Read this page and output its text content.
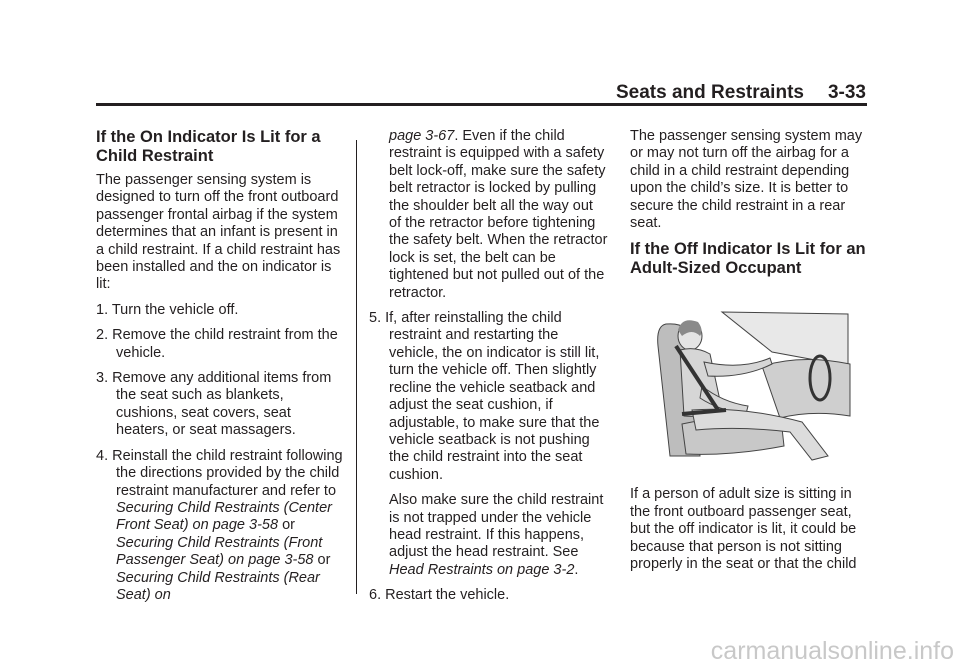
Seats and Restraints 3-33
If the On Indicator Is Lit for a Child Restraint

The passenger sensing system is designed to turn off the front outboard passenger frontal airbag if the system determines that an infant is present in a child restraint. If a child restraint has been installed and the on indicator is lit:

1. Turn the vehicle off.
2. Remove the child restraint from the vehicle.
3. Remove any additional items from the seat such as blankets, cushions, seat covers, seat heaters, or seat massagers.
4. Reinstall the child restraint following the directions provided by the child restraint manufacturer and refer to Securing Child Restraints (Center Front Seat) on page 3-58 or Securing Child Restraints (Front Passenger Seat) on page 3-58 or Securing Child Restraints (Rear Seat) on
page 3-67. Even if the child restraint is equipped with a safety belt lock-off, make sure the safety belt retractor is locked by pulling the shoulder belt all the way out of the retractor before tightening the safety belt. When the retractor lock is set, the belt can be tightened but not pulled out of the retractor.
5. If, after reinstalling the child restraint and restarting the vehicle, the on indicator is still lit, turn the vehicle off. Then slightly recline the vehicle seatback and adjust the seat cushion, if adjustable, to make sure that the vehicle seatback is not pushing the child restraint into the seat cushion.
Also make sure the child restraint is not trapped under the vehicle head restraint. If this happens, adjust the head restraint. See Head Restraints on page 3-2.
6. Restart the vehicle.

The passenger sensing system may or may not turn off the airbag for a child in a child restraint depending upon the child’s size. It is better to secure the child restraint in a rear seat.

If the Off Indicator Is Lit for an Adult-Sized Occupant

If a person of adult size is sitting in the front outboard passenger seat, but the off indicator is lit, it could be because that person is not sitting properly in the seat or that the child

carmanualsonline.info
